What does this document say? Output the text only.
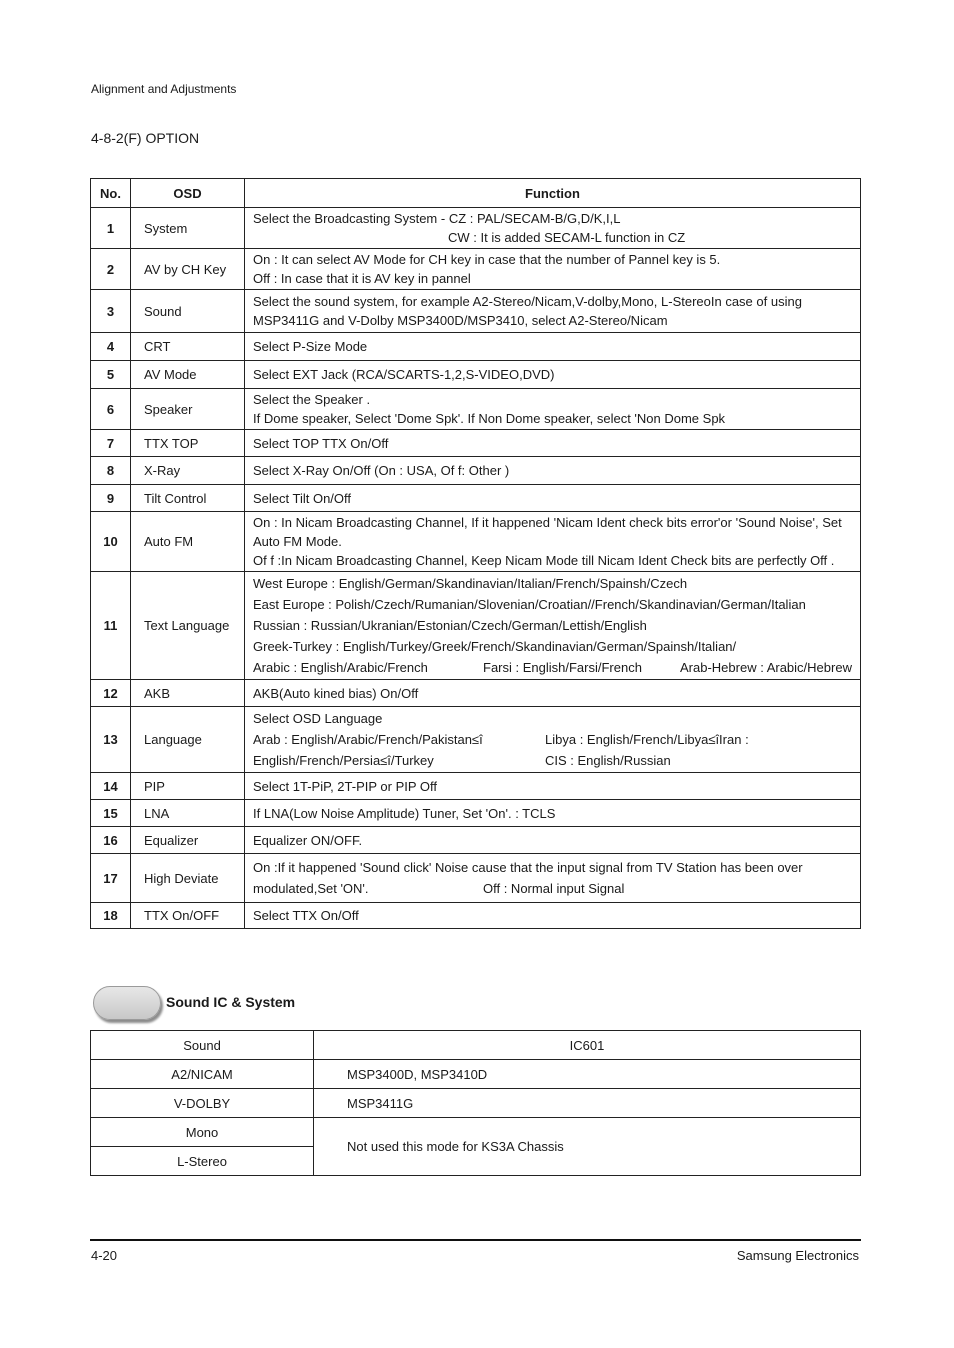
Alignment and Adjustments
4-8-2(F) OPTION
No.	OSD	Function
1	System	Select the Broadcasting System - CZ : PAL/SECAM-B/G,D/K,I,L
CW : It is added SECAM-L function in CZ

2	AV by CH Key	On : It can select AV Mode for CH key in case that the number of Pannel key is 5.
Off : In case that it is AV key in pannel

3	Sound	Select the sound system, for example A2-Stereo/Nicam,V-dolby,Mono, L-StereoIn case of using
MSP3411G and V-Dolby MSP3400D/MSP3410, select A2-Stereo/Nicam

4	CRT	Select P-Size Mode

5	AV Mode	Select EXT Jack (RCA/SCARTS-1,2,S-VIDEO,DVD)

6	Speaker	Select the Speaker .
If Dome speaker, Select 'Dome Spk'. If Non Dome speaker, select 'Non Dome Spk

7	TTX TOP	Select TOP TTX On/Off

8	X-Ray	Select X-Ray On/Off (On : USA, Of f: Other )

9	Tilt Control	Select Tilt On/Off

10	Auto FM	On : In Nicam Broadcasting Channel, If it happened 'Nicam Ident check bits error'or 'Sound Noise', Set
Auto FM Mode.
Of f :In Nicam Broadcasting Channel, Keep Nicam Mode till Nicam Ident Check bits are perfectly Off .

11	Text Language	West Europe : English/German/Skandinavian/Italian/French/Spainsh/Czech
East Europe : Polish/Czech/Rumanian/Slovenian/Croatian//French/Skandinavian/German/Italian
Russian : Russian/Ukranian/Estonian/Czech/German/Lettish/English
Greek-Turkey : English/Turkey/Greek/French/Skandinavian/German/Spainsh/Italian/
Arabic : English/Arabic/French Farsi : English/Farsi/French Arab-Hebrew : Arabic/Hebrew

12	AKB	AKB(Auto kined bias) On/Off

13	Language	Select OSD Language
Arab : English/Arabic/French/Pakistan≤î Libya : English/French/Libya≤îIran :
English/French/Persia≤î/Turkey CIS : English/Russian

14	PIP	Select 1T-PiP, 2T-PIP or PIP Off

15	LNA	If LNA(Low Noise Amplitude) Tuner, Set 'On'. : TCLS

16	Equalizer	Equalizer ON/OFF.

17	High Deviate	On :If it happened 'Sound click' Noise cause that the input signal from TV Station has been over
modulated,Set 'ON'. Off : Normal input Signal

18	TTX On/OFF	Select TTX On/Off
Sound IC & System
Sound	IC601
A2/NICAM	MSP3400D, MSP3410D
V-DOLBY	MSP3411G
Mono	Not used this mode for KS3A Chassis
L-Stereo	
4-20	Samsung Electronics
